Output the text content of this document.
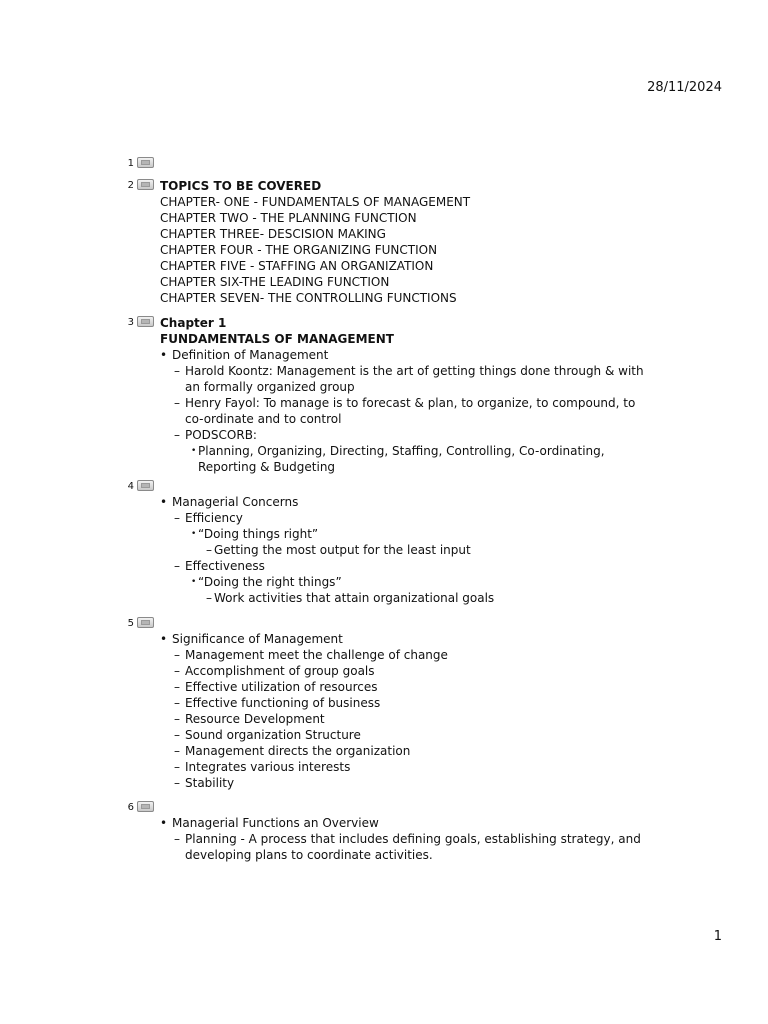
28/11/2024
1
2 TOPICS TO BE COVERED
CHAPTER- ONE - FUNDAMENTALS OF MANAGEMENT
CHAPTER TWO - THE PLANNING FUNCTION
CHAPTER THREE- DESCISION MAKING
CHAPTER FOUR - THE ORGANIZING FUNCTION
CHAPTER FIVE - STAFFING AN ORGANIZATION
CHAPTER SIX-THE LEADING FUNCTION
CHAPTER SEVEN- THE CONTROLLING FUNCTIONS
3 Chapter 1
FUNDAMENTALS OF MANAGEMENT
• Definition of Management
– Harold Koontz: Management is the art of getting things done through & with an formally organized group
– Henry Fayol: To manage is to forecast & plan, to organize, to compound, to co-ordinate and to control
– PODSCORB:
• Planning, Organizing, Directing, Staffing, Controlling, Co-ordinating, Reporting & Budgeting
4
• Managerial Concerns
– Efficiency
• “Doing things right”
– Getting the most output for the least input
– Effectiveness
• “Doing the right things”
– Work activities that attain organizational goals
5
• Significance of Management
– Management meet the challenge of change
– Accomplishment of group goals
– Effective utilization of resources
– Effective functioning of business
– Resource Development
– Sound organization Structure
– Management directs the organization
– Integrates various interests
– Stability
6
• Managerial Functions an Overview
– Planning - A process that includes defining goals, establishing strategy, and developing plans to coordinate activities.
1
